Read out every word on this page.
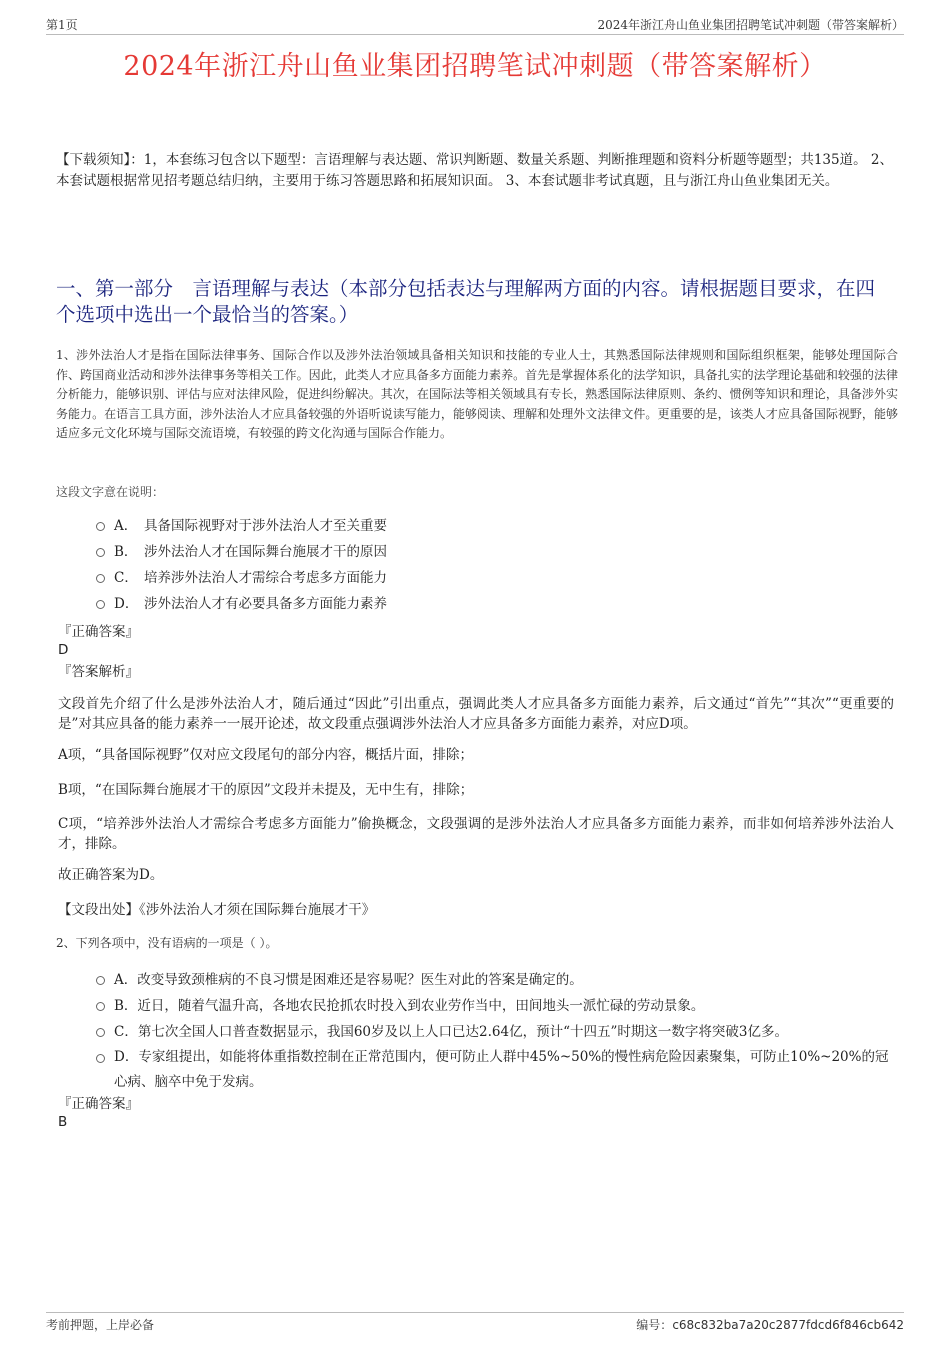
第1页	2024年浙江舟山鱼业集团招聘笔试冲刺题（带答案解析）
2024年浙江舟山鱼业集团招聘笔试冲刺题（带答案解析）
【下载须知】：1，本套练习包含以下题型：言语理解与表达题、常识判断题、数量关系题、判断推理题和资料分析题等题型；共135道。 2、本套试题根据常见招考题总结归纳，主要用于练习答题思路和拓展知识面。 3、本套试题非考试真题，且与浙江舟山鱼业集团无关。
一、第一部分　言语理解与表达（本部分包括表达与理解两方面的内容。请根据题目要求，在四个选项中选出一个最恰当的答案。）
1、涉外法治人才是指在国际法律事务、国际合作以及涉外法治领域具备相关知识和技能的专业人士，其熟悉国际法律规则和国际组织框架，能够处理国际合作、跨国商业活动和涉外法律事务等相关工作。因此，此类人才应具备多方面能力素养。首先是掌握体系化的法学知识，具备扎实的法学理论基础和较强的法律分析能力，能够识别、评估与应对法律风险，促进纠纷解决。其次，在国际法等相关领域具有专长，熟悉国际法律原则、条约、惯例等知识和理论，具备涉外实务能力。在语言工具方面，涉外法治人才应具备较强的外语听说读写能力，能够阅读、理解和处理外文法律文件。更重要的是，该类人才应具备国际视野，能够适应多元文化环境与国际交流语境，有较强的跨文化沟通与国际合作能力。
这段文字意在说明：
A． 具备国际视野对于涉外法治人才至关重要
B． 涉外法治人才在国际舞台施展才干的原因
C． 培养涉外法治人才需综合考虑多方面能力
D． 涉外法治人才有必要具备多方面能力素养
『正确答案』
D
『答案解析』
文段首先介绍了什么是涉外法治人才，随后通过“因此”引出重点，强调此类人才应具备多方面能力素养，后文通过“首先”“其次”“更重要的是”对其应具备的能力素养一一展开论述，故文段重点强调涉外法治人才应具备多方面能力素养，对应D项。
A项，“具备国际视野”仅对应文段尾句的部分内容，概括片面，排除；
B项，“在国际舞台施展才干的原因”文段并未提及，无中生有，排除；
C项，“培养涉外法治人才需综合考虑多方面能力”偷换概念，文段强调的是涉外法治人才应具备多方面能力素养，而非如何培养涉外法治人才，排除。
故正确答案为D。
【文段出处】《涉外法治人才须在国际舞台施展才干》
2、下列各项中，没有语病的一项是（ ）。
A．改变导致颈椎病的不良习惯是困难还是容易呢？医生对此的答案是确定的。
B．近日，随着气温升高，各地农民抢抓农时投入到农业劳作当中，田间地头一派忙碌的劳动景象。
C．第七次全国人口普查数据显示，我国60岁及以上人口已达2.64亿，预计“十四五”时期这一数字将突破3亿多。
D．专家组提出，如能将体重指数控制在正常范围内，便可防止人群中45%~50%的慢性病危险因素聚集，可防止10%~20%的冠心病、脑卒中免于发病。
『正确答案』
B
考前押题，上岸必备	编号：c68c832ba7a20c2877fdcd6f846cb642
